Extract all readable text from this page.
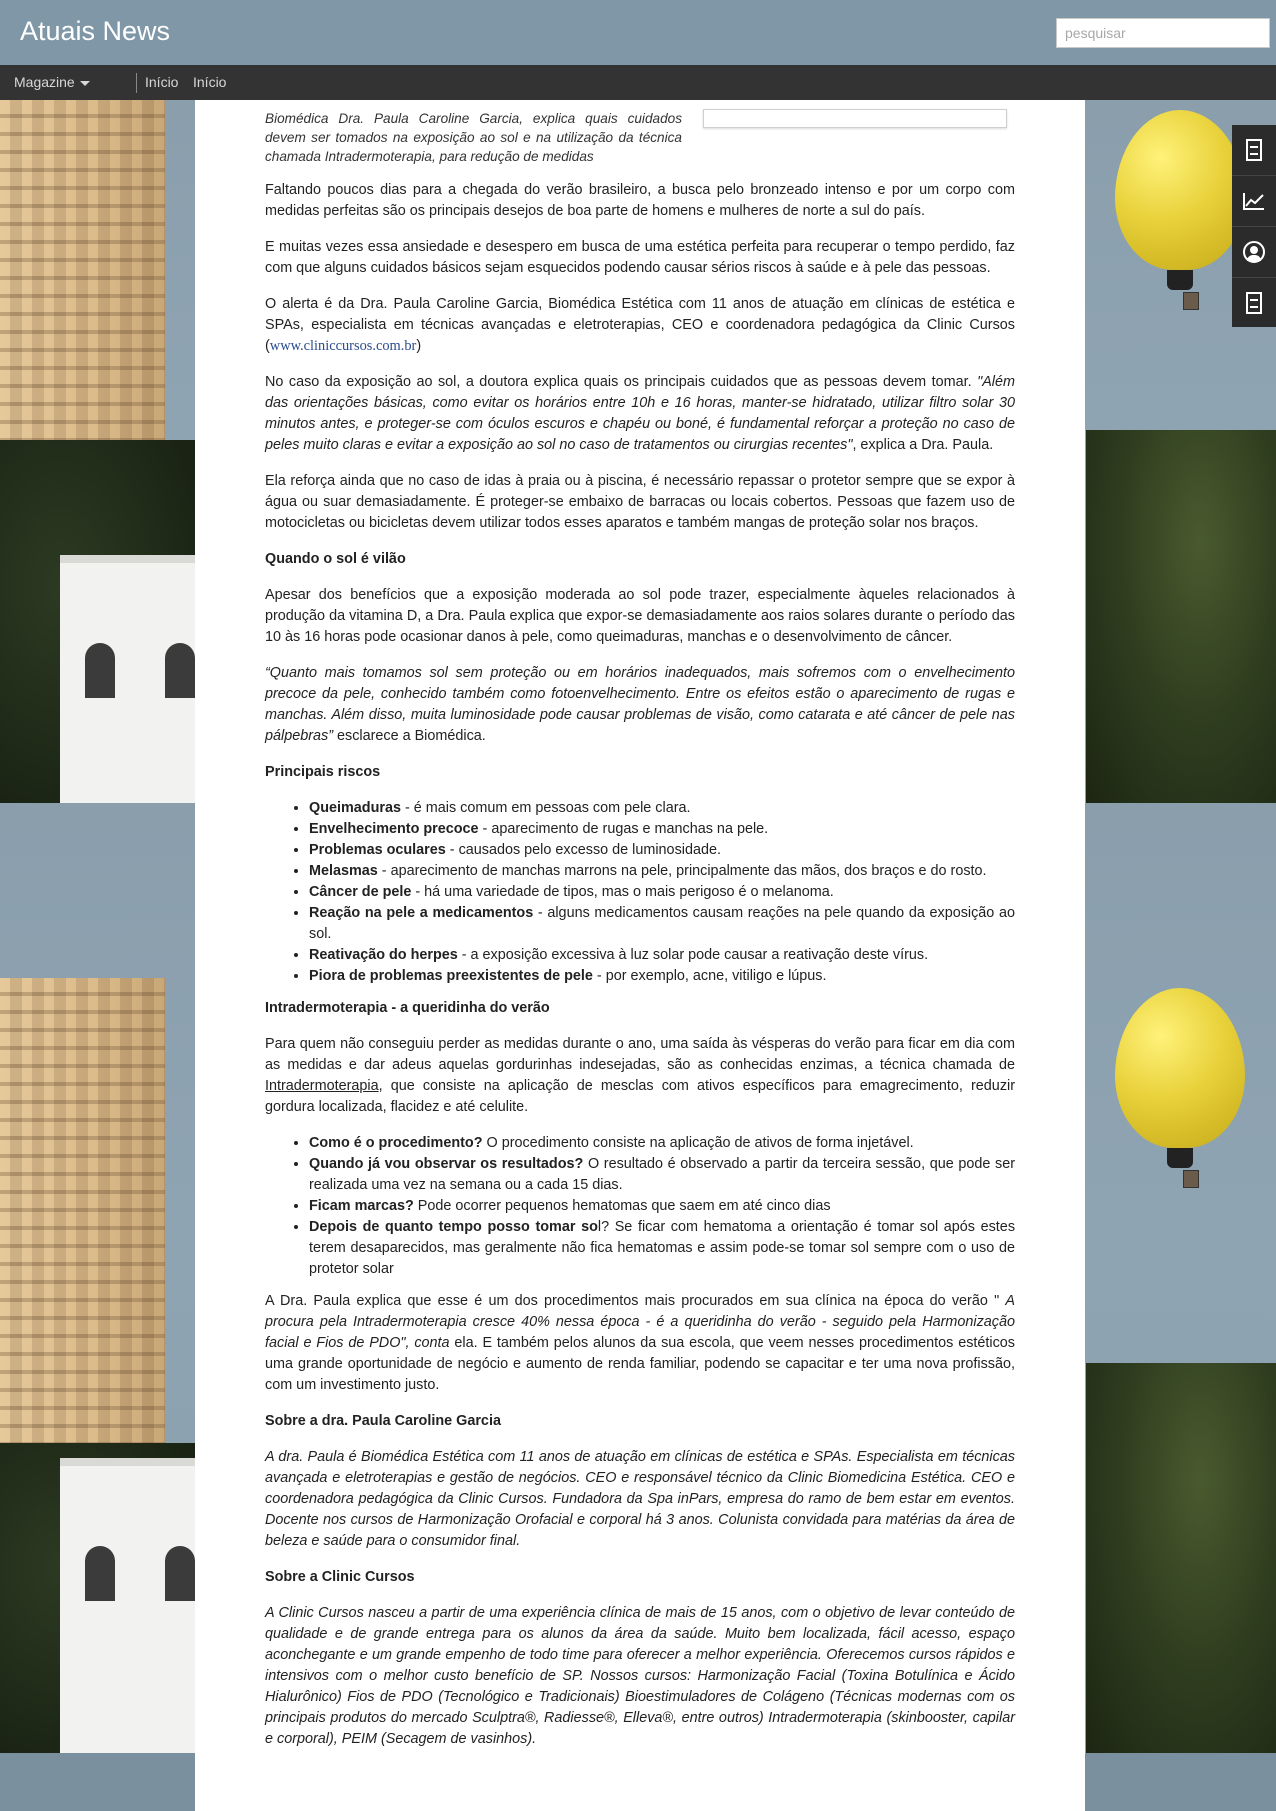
Atuais News
pesquisar
Magazine	Início Início
Biomédica Dra. Paula Caroline Garcia, explica quais cuidados devem ser tomados na exposição ao sol e na utilização da técnica chamada Intradermoterapia, para redução de medidas

Faltando poucos dias para a chegada do verão brasileiro, a busca pelo bronzeado intenso e por um corpo com medidas perfeitas são os principais desejos de boa parte de homens e mulheres de norte a sul do país.

E muitas vezes essa ansiedade e desespero em busca de uma estética perfeita para recuperar o tempo perdido, faz com que alguns cuidados básicos sejam esquecidos podendo causar sérios riscos à saúde e à pele das pessoas.

O alerta é da Dra. Paula Caroline Garcia, Biomédica Estética com 11 anos de atuação em clínicas de estética e SPAs, especialista em técnicas avançadas e eletroterapias, CEO e coordenadora pedagógica da Clinic Cursos (www.cliniccursos.com.br)

No caso da exposição ao sol, a doutora explica quais os principais cuidados que as pessoas devem tomar. "Além das orientações básicas, como evitar os horários entre 10h e 16 horas, manter-se hidratado, utilizar filtro solar 30 minutos antes, e proteger-se com óculos escuros e chapéu ou boné, é fundamental reforçar a proteção no caso de peles muito claras e evitar a exposição ao sol no caso de tratamentos ou cirurgias recentes", explica a Dra. Paula.

Ela reforça ainda que no caso de idas à praia ou à piscina, é necessário repassar o protetor sempre que se expor à água ou suar demasiadamente. É proteger-se embaixo de barracas ou locais cobertos. Pessoas que fazem uso de motocicletas ou bicicletas devem utilizar todos esses aparatos e também mangas de proteção solar nos braços.

Quando o sol é vilão

Apesar dos benefícios que a exposição moderada ao sol pode trazer, especialmente àqueles relacionados à produção da vitamina D, a Dra. Paula explica que expor-se demasiadamente aos raios solares durante o período das 10 às 16 horas pode ocasionar danos à pele, como queimaduras, manchas e o desenvolvimento de câncer.

“Quanto mais tomamos sol sem proteção ou em horários inadequados, mais sofremos com o envelhecimento precoce da pele, conhecido também como fotoenvelhecimento. Entre os efeitos estão o aparecimento de rugas e manchas. Além disso, muita luminosidade pode causar problemas de visão, como catarata e até câncer de pele nas pálpebras” esclarece a Biomédica.

Principais riscos
• Queimaduras - é mais comum em pessoas com pele clara.
• Envelhecimento precoce - aparecimento de rugas e manchas na pele.
• Problemas oculares - causados pelo excesso de luminosidade.
• Melasmas - aparecimento de manchas marrons na pele, principalmente das mãos, dos braços e do rosto.
• Câncer de pele - há uma variedade de tipos, mas o mais perigoso é o melanoma.
• Reação na pele a medicamentos - alguns medicamentos causam reações na pele quando da exposição ao sol.
• Reativação do herpes - a exposição excessiva à luz solar pode causar a reativação deste vírus.
• Piora de problemas preexistentes de pele - por exemplo, acne, vitiligo e lúpus.
Intradermoterapia - a queridinha do verão

Para quem não conseguiu perder as medidas durante o ano, uma saída às vésperas do verão para ficar em dia com as medidas e dar adeus aquelas gordurinhas indesejadas, são as conhecidas enzimas, a técnica chamada de Intradermoterapia, que consiste na aplicação de mesclas com ativos específicos para emagrecimento, reduzir gordura localizada, flacidez e até celulite.

• Como é o procedimento? O procedimento consiste na aplicação de ativos de forma injetável.
• Quando já vou observar os resultados? O resultado é observado a partir da terceira sessão, que pode ser realizada uma vez na semana ou a cada 15 dias.
• Ficam marcas? Pode ocorrer pequenos hematomas que saem em até cinco dias
• Depois de quanto tempo posso tomar sol? Se ficar com hematoma a orientação é tomar sol após estes terem desaparecidos, mas geralmente não fica hematomas e assim pode-se tomar sol sempre com o uso de protetor solar

A Dra. Paula explica que esse é um dos procedimentos mais procurados em sua clínica na época do verão " A procura pela Intradermoterapia cresce 40% nessa época - é a queridinha do verão - seguido pela Harmonização facial e Fios de PDO", conta ela. E também pelos alunos da sua escola, que veem nesses procedimentos estéticos uma grande oportunidade de negócio e aumento de renda familiar, podendo se capacitar e ter uma nova profissão, com um investimento justo.

Sobre a dra. Paula Caroline Garcia

A dra. Paula é Biomédica Estética com 11 anos de atuação em clínicas de estética e SPAs. Especialista em técnicas avançada e eletroterapias e gestão de negócios. CEO e responsável técnico da Clinic Biomedicina Estética. CEO e coordenadora pedagógica da Clinic Cursos. Fundadora da Spa inPars, empresa do ramo de bem estar em eventos. Docente nos cursos de Harmonização Orofacial e corporal há 3 anos. Colunista convidada para matérias da área de beleza e saúde para o consumidor final.

Sobre a Clinic Cursos

A Clinic Cursos nasceu a partir de uma experiência clínica de mais de 15 anos, com o objetivo de levar conteúdo de qualidade e de grande entrega para os alunos da área da saúde. Muito bem localizada, fácil acesso, espaço aconchegante e um grande empenho de todo time para oferecer a melhor experiência. Oferecemos cursos rápidos e intensivos com o melhor custo benefício de SP. Nossos cursos: Harmonização Facial (Toxina Botulínica e Ácido Hialurônico) Fios de PDO (Tecnológico e Tradicionais) Bioestimuladores de Colágeno (Técnicas modernas com os principais produtos do mercado Sculptra®, Radiesse®, Elleva®, entre outros) Intradermoterapia (skinbooster, capilar e corporal), PEIM (Secagem de vasinhos).
